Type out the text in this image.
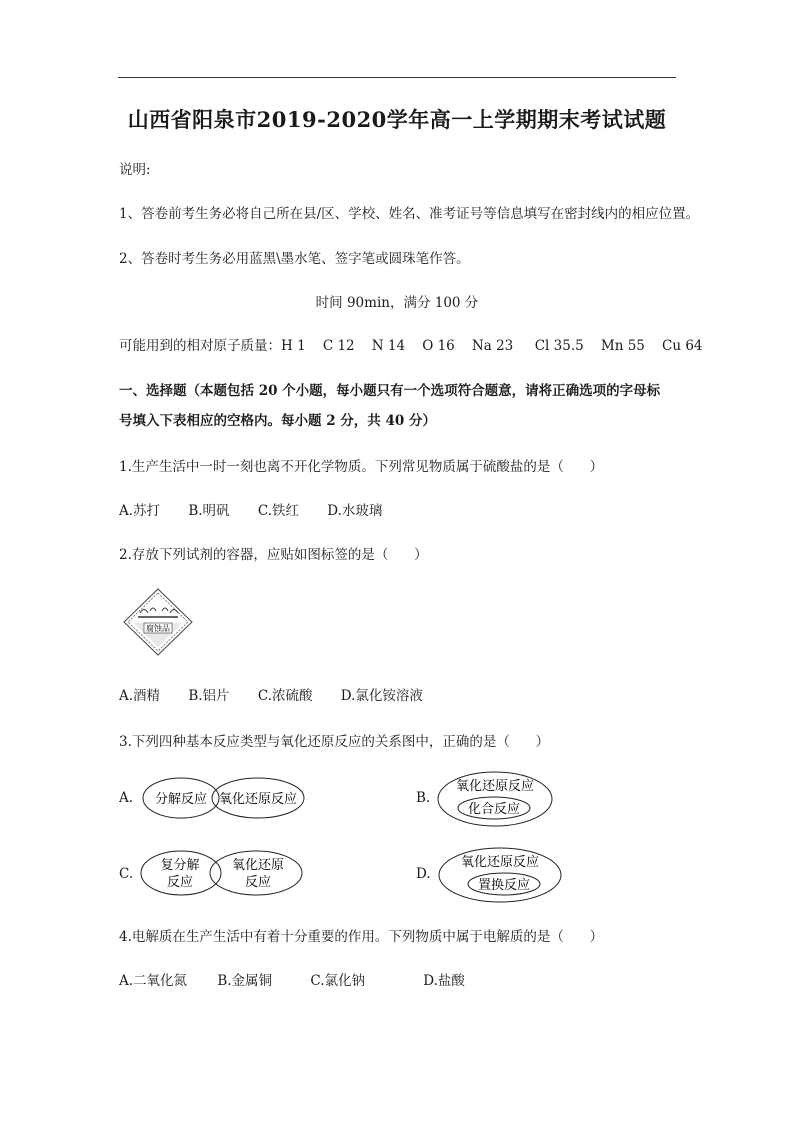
山西省阳泉市2019-2020学年高一上学期期末考试试题
说明:
1、答卷前考生务必将自己所在县/区、学校、姓名、准考证号等信息填写在密封线内的相应位置。
2、答卷时考生务必用蓝黑\墨水笔、签字笔或圆珠笔作答。
时间 90min，满分 100 分
可能用到的相对原子质量：H 1    C 12    N 14    O 16    Na 23     Cl 35.5    Mn 55    Cu 64
一、选择题（本题包括 20 个小题，每小题只有一个选项符合题意，请将正确选项的字母标
号填入下表相应的空格内。每小题 2 分，共 40 分）
1.生产生活中一时一刻也离不开化学物质。下列常见物质属于硫酸盐的是（      ）
A.苏打 B.明矾 C.铁红 D.水玻璃
2.存放下列试剂的容器，应贴如图标签的是（      ）
腐蚀品
A.酒精 B.铝片 C.浓硫酸 D.氯化铵溶液
3.下列四种基本反应类型与氧化还原反应的关系图中，正确的是（      ）
A. 分解反应 氧化还原反应	B.
氧化还原反应
化合反应
C.
复分解
反应
氧化还原
反应
D.
氧化还原反应
置换反应
4.电解质在生产生活中有着十分重要的作用。下列物质中属于电解质的是（      ）
A.二氧化氮 B.金属铜	C.氯化钠	D.盐酸
